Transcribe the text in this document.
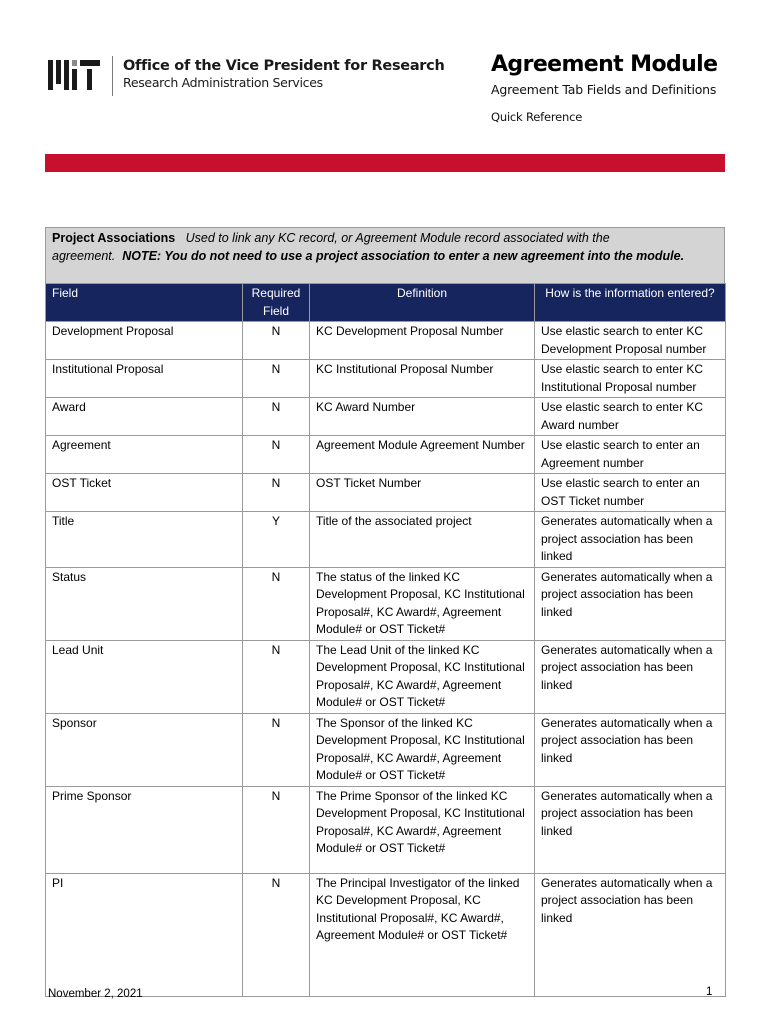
Office of the Vice President for Research
Research Administration Services
Agreement Module
Agreement Tab Fields and Definitions
Quick Reference
Project Associations Used to link any KC record, or Agreement Module record associated with the agreement. NOTE: You do not need to use a project association to enter a new agreement into the module.
Field	Required Field	Definition	How is the information entered?
Development Proposal	N	KC Development Proposal Number	Use elastic search to enter KC Development Proposal number
Institutional Proposal	N	KC Institutional Proposal Number	Use elastic search to enter KC Institutional Proposal number
Award	N	KC Award Number	Use elastic search to enter KC Award number
Agreement	N	Agreement Module Agreement Number	Use elastic search to enter an Agreement number
OST Ticket	N	OST Ticket Number	Use elastic search to enter an OST Ticket number
Title	Y	Title of the associated project	Generates automatically when a project association has been linked
Status	N	The status of the linked KC Development Proposal, KC Institutional Proposal#, KC Award#, Agreement Module# or OST Ticket#	Generates automatically when a project association has been linked
Lead Unit	N	The Lead Unit of the linked KC Development Proposal, KC Institutional Proposal#, KC Award#, Agreement Module# or OST Ticket#	Generates automatically when a project association has been linked
Sponsor	N	The Sponsor of the linked KC Development Proposal, KC Institutional Proposal#, KC Award#, Agreement Module# or OST Ticket#	Generates automatically when a project association has been linked
Prime Sponsor	N	The Prime Sponsor of the linked KC Development Proposal, KC Institutional Proposal#, KC Award#, Agreement Module# or OST Ticket#	Generates automatically when a project association has been linked
PI	N	The Principal Investigator of the linked KC Development Proposal, KC Institutional Proposal#, KC Award#, Agreement Module# or OST Ticket#	Generates automatically when a project association has been linked
November 2, 2021	1
